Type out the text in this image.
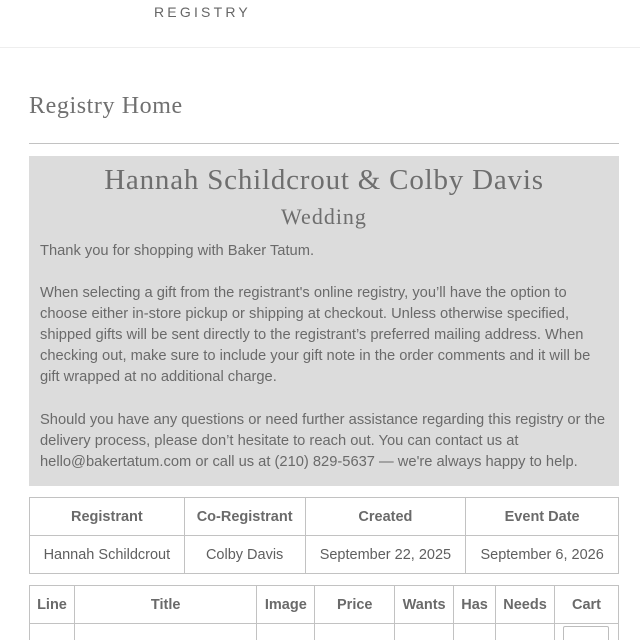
REGISTRY
Registry Home
Hannah Schildcrout & Colby Davis
Wedding

Thank you for shopping with Baker Tatum.

When selecting a gift from the registrant's online registry, you’ll have the option to choose either in-store pickup or shipping at checkout. Unless otherwise specified, shipped gifts will be sent directly to the registrant’s preferred mailing address. When checking out, make sure to include your gift note in the order comments and it will be gift wrapped at no additional charge.

Should you have any questions or need further assistance regarding this registry or the delivery process, please don’t hesitate to reach out. You can contact us at hello@bakertatum.com or call us at (210) 829-5637 — we're always happy to help.

Registrant	Co-Registrant	Created	Event Date
Hannah Schildcrout	Colby Davis	September 22, 2025	September 6, 2026
Line	Title	Image	Price	Wants	Has	Needs	Cart
